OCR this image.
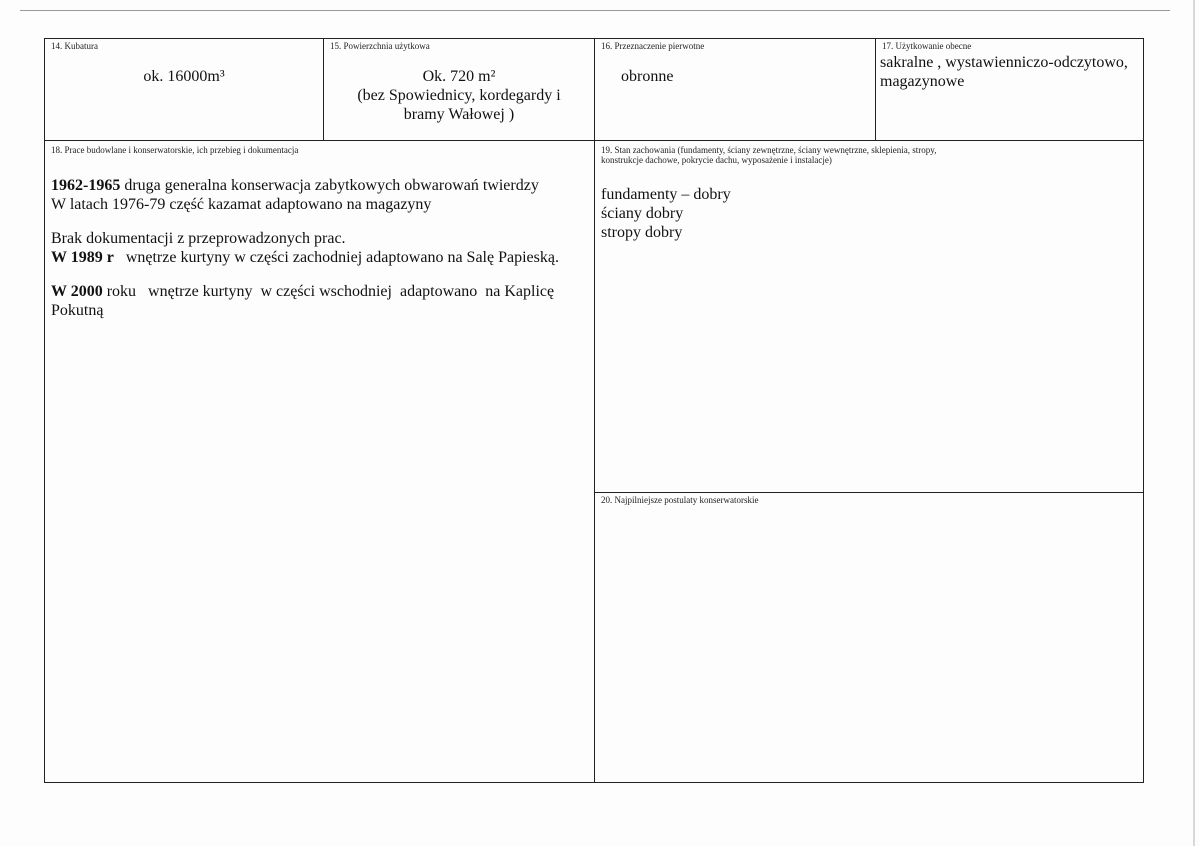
14. Kubatura
ok. 16000m³
15. Powierzchnia użytkowa
Ok. 720 m²
(bez Spowiednicy, kordegardy i
bramy Wałowej )
16. Przeznaczenie pierwotne
obronne
17. Użytkowanie obecne
sakralne , wystawienniczo-odczytowo,
magazynowe
18. Prace budowlane i konserwatorskie, ich przebieg i dokumentacja
1962-1965 druga generalna konserwacja zabytkowych obwarowań twierdzy
W latach 1976-79 część kazamat adaptowano na magazyny
Brak dokumentacji z przeprowadzonych prac.
W 1989 r   wnętrze kurtyny w części zachodniej adaptowano na Salę Papieską.
W 2000 roku   wnętrze kurtyny  w części wschodniej  adaptowano  na Kaplicę
Pokutną
19. Stan zachowania (fundamenty, ściany zewnętrzne, ściany wewnętrzne, sklepienia, stropy,
konstrukcje dachowe, pokrycie dachu, wyposażenie i instalacje)
fundamenty – dobry
ściany dobry
stropy dobry
20. Najpilniejsze postulaty konserwatorskie
